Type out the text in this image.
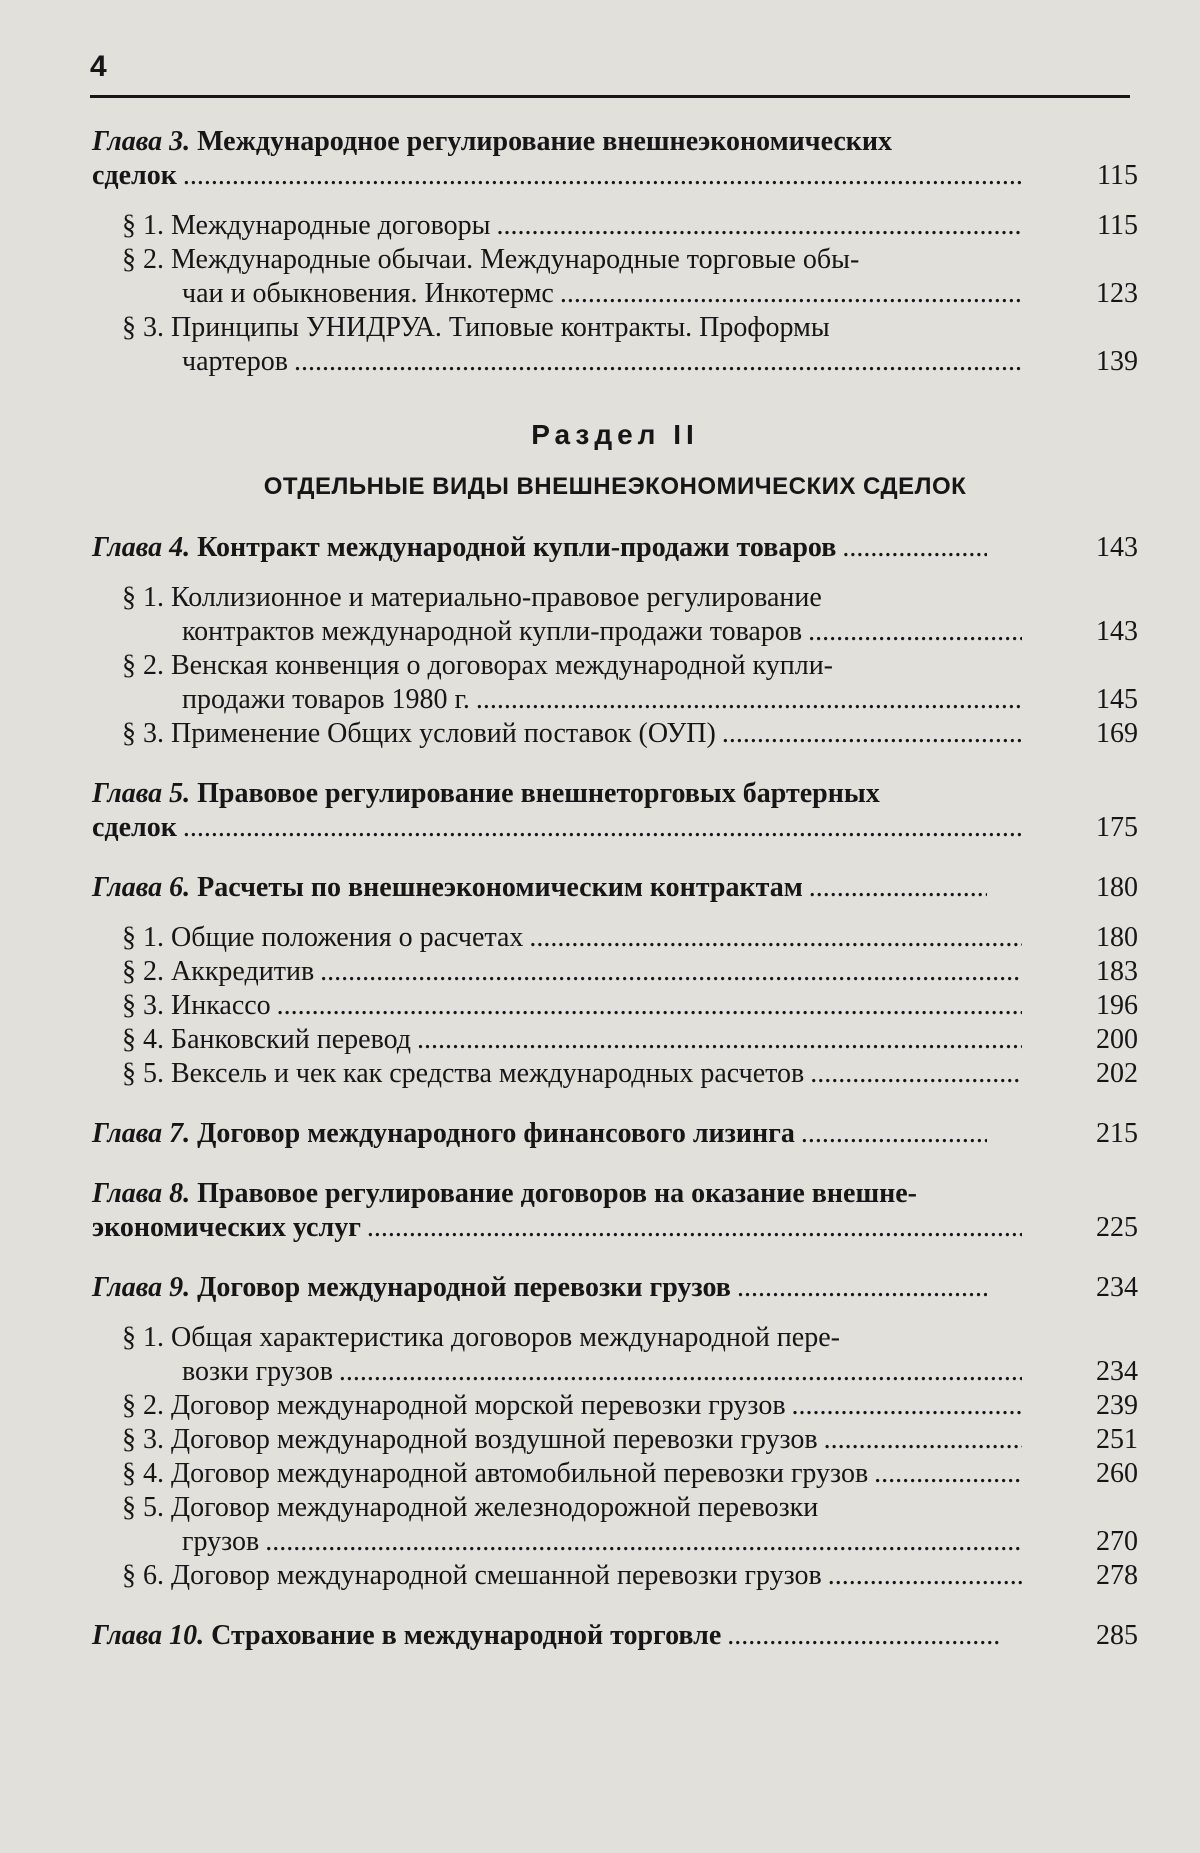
4
Глава 3. Международное регулирование внешнеэкономических
сделок .....	115
§ 1. Международные договоры .....	115
§ 2. Международные обычаи. Международные торговые обы-
чаи и обыкновения. Инкотермс .....	123
§ 3. Принципы УНИДРУА. Типовые контракты. Проформы
чартеров .....	139
Раздел II
ОТДЕЛЬНЫЕ ВИДЫ ВНЕШНЕЭКОНОМИЧЕСКИХ СДЕЛОК
Глава 4. Контракт международной купли-продажи товаров .....	143
§ 1. Коллизионное и материально-правовое регулирование
контрактов международной купли-продажи товаров .....	143
§ 2. Венская конвенция о договорах международной купли-
продажи товаров 1980 г. .....	145
§ 3. Применение Общих условий поставок (ОУП) .....	169
Глава 5. Правовое регулирование внешнеторговых бартерных
сделок .....	175
Глава 6. Расчеты по внешнеэкономическим контрактам .....	180
§ 1. Общие положения о расчетах .....	180
§ 2. Аккредитив .....	183
§ 3. Инкассо .....	196
§ 4. Банковский перевод .....	200
§ 5. Вексель и чек как средства международных расчетов .....	202
Глава 7. Договор международного финансового лизинга .....	215
Глава 8. Правовое регулирование договоров на оказание внешне-
экономических услуг .....	225
Глава 9. Договор международной перевозки грузов .....	234
§ 1. Общая характеристика договоров международной пере-
возки грузов .....	234
§ 2. Договор международной морской перевозки грузов .....	239
§ 3. Договор международной воздушной перевозки грузов .....	251
§ 4. Договор международной автомобильной перевозки грузов .....	260
§ 5. Договор международной железнодорожной перевозки
грузов .....	270
§ 6. Договор международной смешанной перевозки грузов .....	278
Глава 10. Страхование в международной торговле .....	285
